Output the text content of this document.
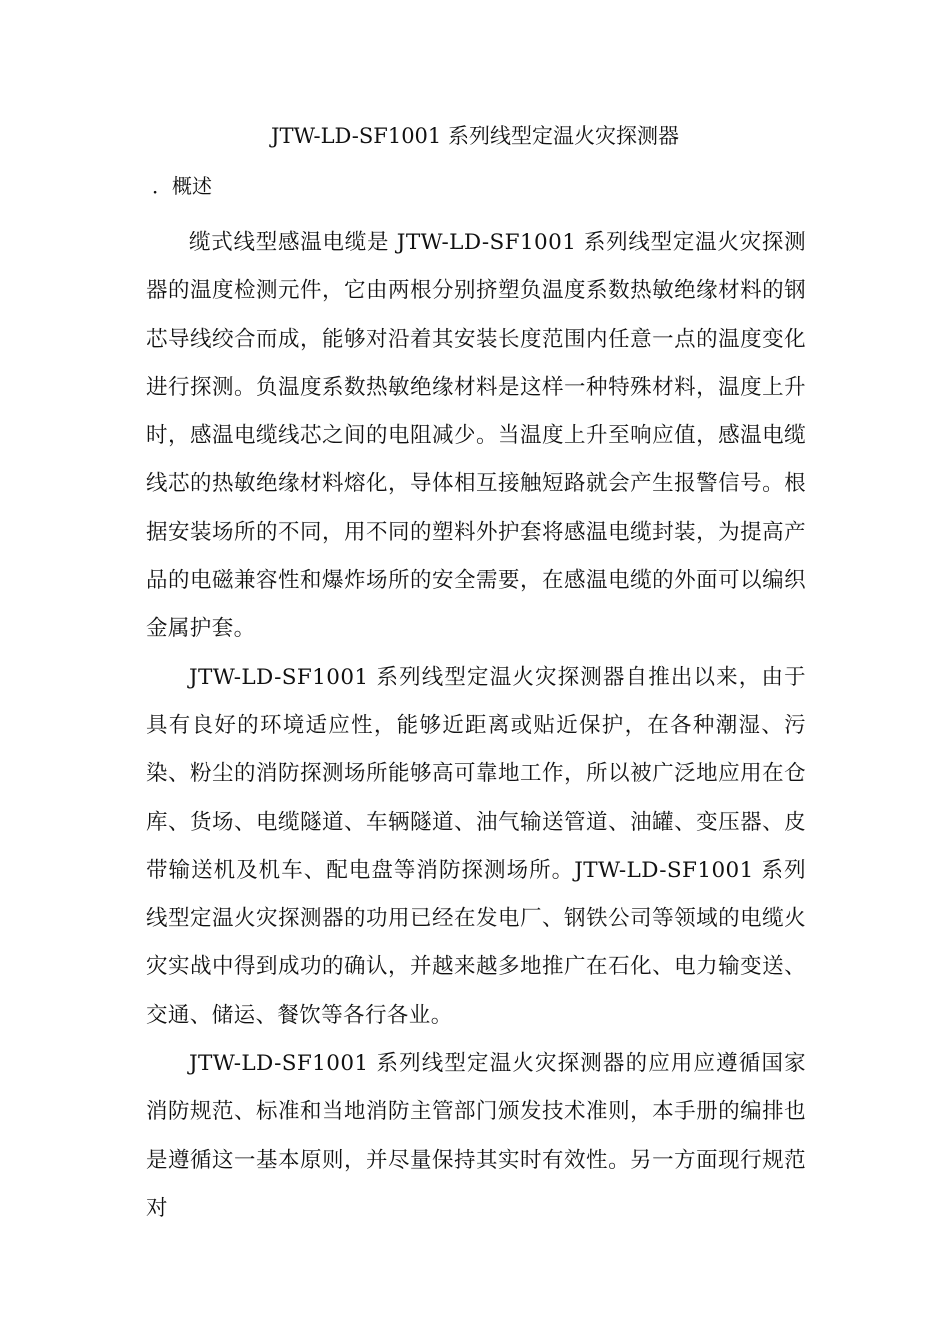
JTW-LD-SF1001 系列线型定温火灾探测器
．概述

缆式线型感温电缆是 JTW-LD-SF1001 系列线型定温火灾探测器的温度检测元件，它由两根分别挤塑负温度系数热敏绝缘材料的钢芯导线绞合而成，能够对沿着其安装长度范围内任意一点的温度变化进行探测。负温度系数热敏绝缘材料是这样一种特殊材料，温度上升时，感温电缆线芯之间的电阻减少。当温度上升至响应值，感温电缆线芯的热敏绝缘材料熔化，导体相互接触短路就会产生报警信号。根据安装场所的不同，用不同的塑料外护套将感温电缆封装，为提高产品的电磁兼容性和爆炸场所的安全需要，在感温电缆的外面可以编织金属护套。

JTW-LD-SF1001 系列线型定温火灾探测器自推出以来，由于具有良好的环境适应性，能够近距离或贴近保护，在各种潮湿、污染、粉尘的消防探测场所能够高可靠地工作，所以被广泛地应用在仓库、货场、电缆隧道、车辆隧道、油气输送管道、油罐、变压器、皮带输送机及机车、配电盘等消防探测场所。JTW-LD-SF1001 系列线型定温火灾探测器的功用已经在发电厂、钢铁公司等领域的电缆火灾实战中得到成功的确认，并越来越多地推广在石化、电力输变送、交通、储运、餐饮等各行各业。

JTW-LD-SF1001 系列线型定温火灾探测器的应用应遵循国家消防规范、标准和当地消防主管部门颁发技术准则，本手册的编排也是遵循这一基本原则，并尽量保持其实时有效性。另一方面现行规范对
